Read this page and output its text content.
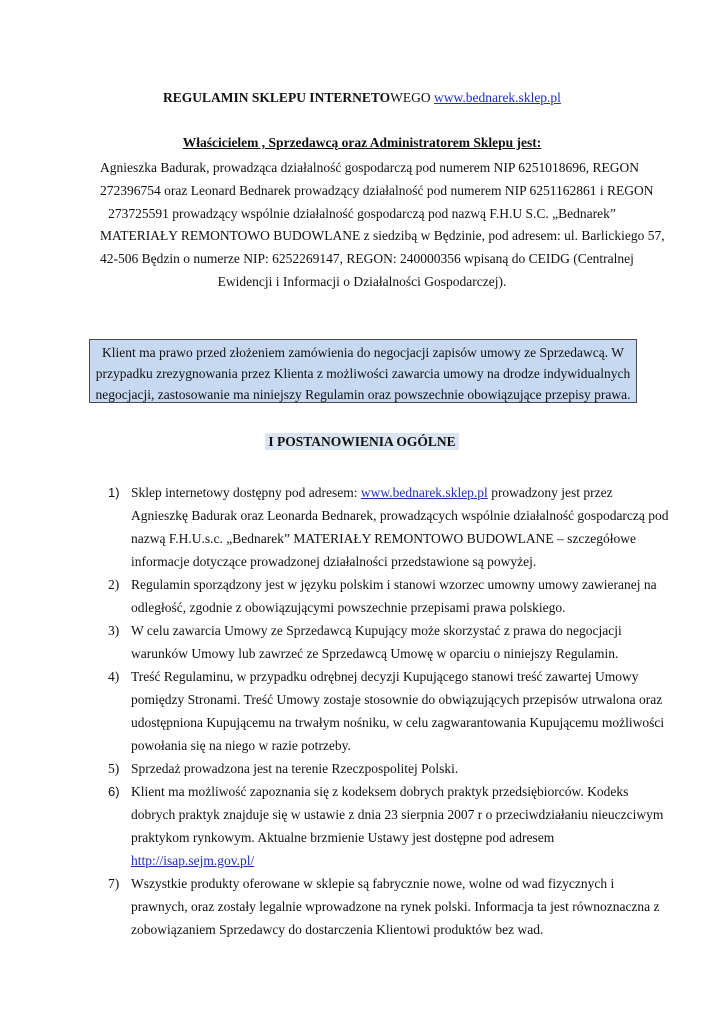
REGULAMIN SKLEPU INTERNETOWEGO www.bednarek.sklep.pl
Właścicielem , Sprzedawcą oraz Administratorem Sklepu jest:
Agnieszka Badurak, prowadząca działalność gospodarczą pod numerem NIP 6251018696, REGON
272396754 oraz Leonard Bednarek prowadzący działalność pod numerem NIP 6251162861 i REGON
273725591 prowadzący wspólnie działalność gospodarczą pod nazwą F.H.U S.C. „Bednarek”
MATERIAŁY REMONTOWO BUDOWLANE z siedzibą w Będzinie, pod adresem: ul. Barlickiego 57,
42-506 Będzin o numerze NIP: 6252269147, REGON: 240000356 wpisaną do CEIDG (Centralnej
Ewidencji i Informacji o Działalności Gospodarczej).
Klient ma prawo przed złożeniem zamówienia do negocjacji zapisów umowy ze Sprzedawcą. W
przypadku zrezygnowania przez Klienta z możliwości zawarcia umowy na drodze indywidualnych
negocjacji, zastosowanie ma niniejszy Regulamin oraz powszechnie obowiązujące przepisy prawa.
I POSTANOWIENIA OGÓLNE
1) Sklep internetowy dostępny pod adresem: www.bednarek.sklep.pl prowadzony jest przez
Agnieszkę Badurak oraz Leonarda Bednarek, prowadzących wspólnie działalność gospodarczą pod
nazwą F.H.U.s.c. „Bednarek” MATERIAŁY REMONTOWO BUDOWLANE – szczegółowe
informacje dotyczące prowadzonej działalności przedstawione są powyżej.
2) Regulamin sporządzony jest w języku polskim i stanowi wzorzec umowny umowy zawieranej na
odległość, zgodnie z obowiązującymi powszechnie przepisami prawa polskiego.
3) W celu zawarcia Umowy ze Sprzedawcą Kupujący może skorzystać z prawa do negocjacji
warunków Umowy lub zawrzeć ze Sprzedawcą Umowę w oparciu o niniejszy Regulamin.
4) Treść Regulaminu, w przypadku odrębnej decyzji Kupującego stanowi treść zawartej Umowy
pomiędzy Stronami. Treść Umowy zostaje stosownie do obwiązujących przepisów utrwalona oraz
udostępniona Kupującemu na trwałym nośniku, w celu zagwarantowania Kupującemu możliwości
powołania się na niego w razie potrzeby.
5) Sprzedaż prowadzona jest na terenie Rzeczpospolitej Polski.
6) Klient ma możliwość zapoznania się z kodeksem dobrych praktyk przedsiębiorców. Kodeks
dobrych praktyk znajduje się w ustawie z dnia 23 sierpnia 2007 r o przeciwdziałaniu nieuczciwym
praktykom rynkowym. Aktualne brzmienie Ustawy jest dostępne pod adresem
http://isap.sejm.gov.pl/
7) Wszystkie produkty oferowane w sklepie są fabrycznie nowe, wolne od wad fizycznych i
prawnych, oraz zostały legalnie wprowadzone na rynek polski. Informacja ta jest równoznaczna z
zobowiązaniem Sprzedawcy do dostarczenia Klientowi produktów bez wad.
